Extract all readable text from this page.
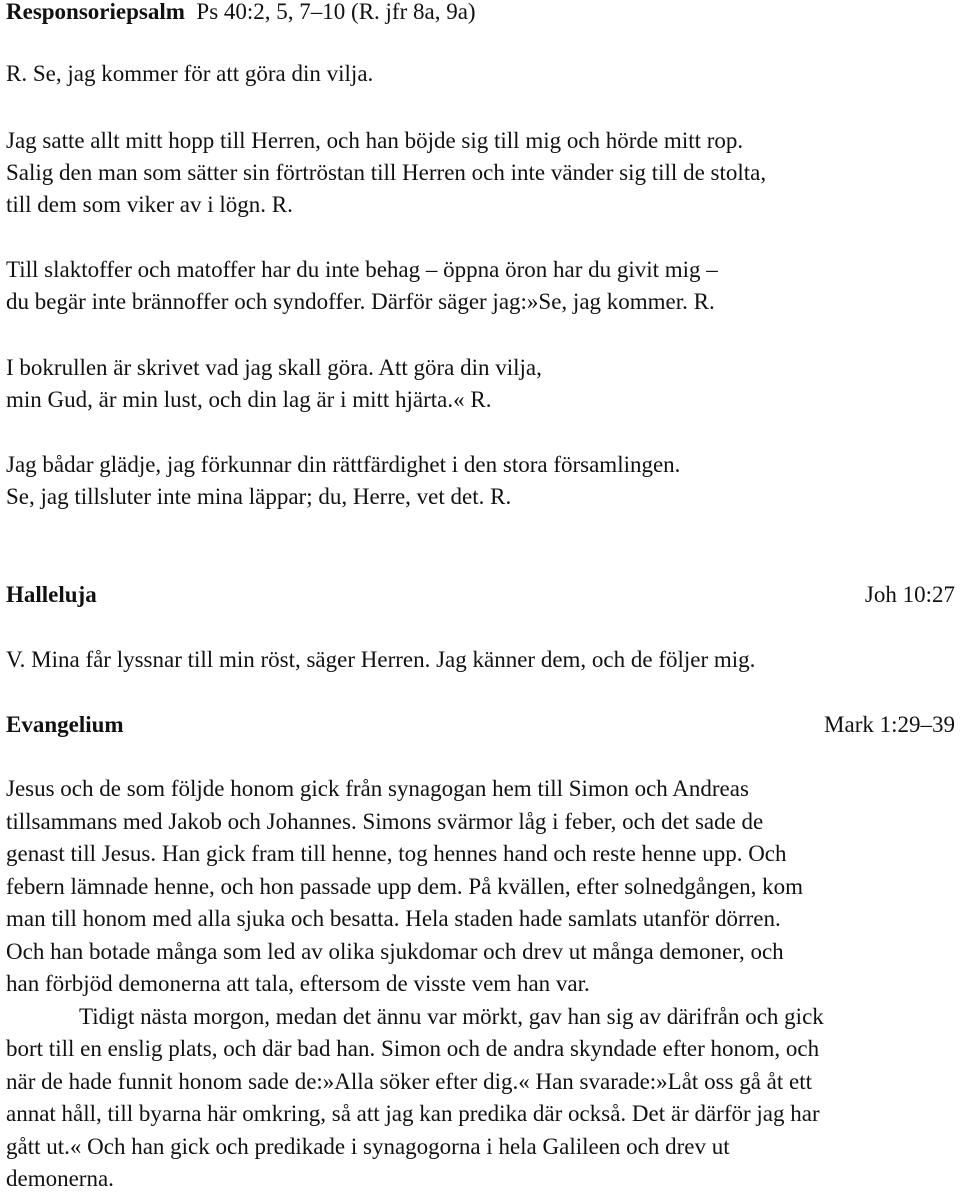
Responsoriepsalm Ps 40:2, 5, 7–10 (R. jfr 8a, 9a)
R. Se, jag kommer för att göra din vilja.
Jag satte allt mitt hopp till Herren, och han böjde sig till mig och hörde mitt rop.
Salig den man som sätter sin förtröstan till Herren och inte vänder sig till de stolta,
till dem som viker av i lögn. R.
Till slaktoffer och matoffer har du inte behag – öppna öron har du givit mig –
du begär inte brännoffer och syndoffer. Därför säger jag:»Se, jag kommer. R.
I bokrullen är skrivet vad jag skall göra. Att göra din vilja,
min Gud, är min lust, och din lag är i mitt hjärta.« R.
Jag bådar glädje, jag förkunnar din rättfärdighet i den stora församlingen.
Se, jag tillsluter inte mina läppar; du, Herre, vet det. R.
Halleluja	Joh 10:27
V. Mina får lyssnar till min röst, säger Herren. Jag känner dem, och de följer mig.
Evangelium	Mark 1:29–39
Jesus och de som följde honom gick från synagogan hem till Simon och Andreas
tillsammans med Jakob och Johannes. Simons svärmor låg i feber, och det sade de
genast till Jesus. Han gick fram till henne, tog hennes hand och reste henne upp. Och
febern lämnade henne, och hon passade upp dem. På kvällen, efter solnedgången, kom
man till honom med alla sjuka och besatta. Hela staden hade samlats utanför dörren.
Och han botade många som led av olika sjukdomar och drev ut många demoner, och
han förbjöd demonerna att tala, eftersom de visste vem han var.
Tidigt nästa morgon, medan det ännu var mörkt, gav han sig av därifrån och gick
bort till en enslig plats, och där bad han. Simon och de andra skyndade efter honom, och
när de hade funnit honom sade de:»Alla söker efter dig.« Han svarade:»Låt oss gå åt ett
annat håll, till byarna här omkring, så att jag kan predika där också. Det är därför jag har
gått ut.« Och han gick och predikade i synagogorna i hela Galileen och drev ut
demonerna.
